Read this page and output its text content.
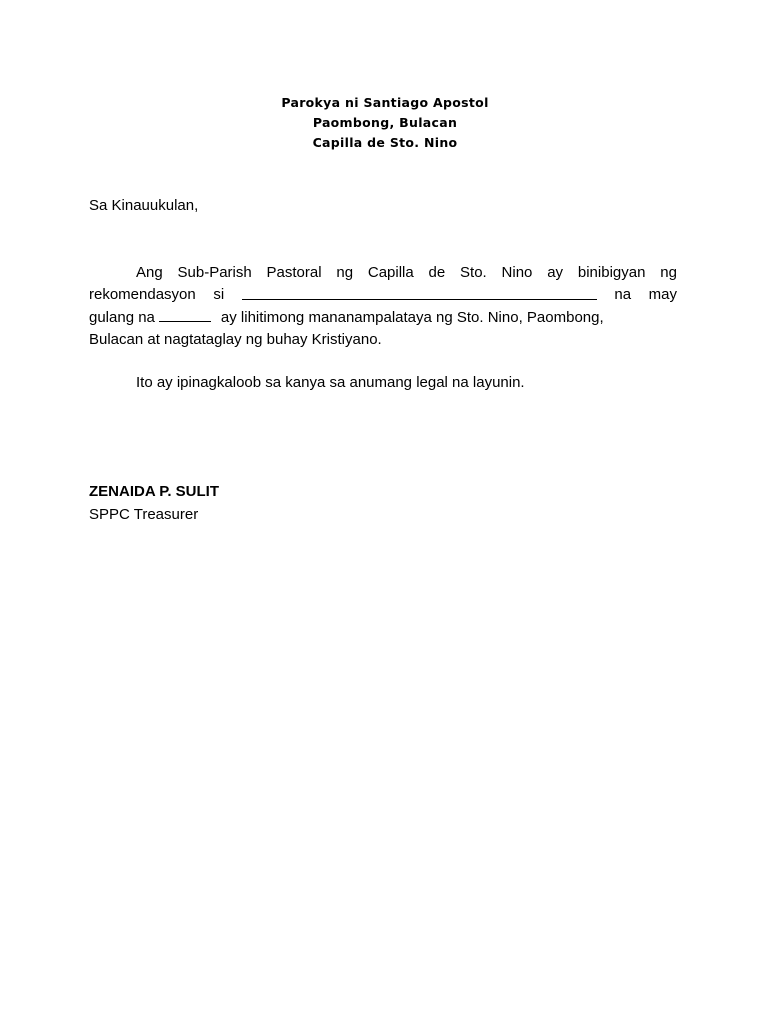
Parokya ni Santiago Apostol
Paombong, Bulacan
Capilla de Sto. Nino
Sa Kinauukulan,
Ang Sub-Parish Pastoral ng Capilla de Sto. Nino ay binibigyan ng
rekomendasyon si	na may
gulang na	ay lihitimong mananampalataya ng Sto. Nino, Paombong,
Bulacan at nagtataglay ng buhay Kristiyano.
Ito ay ipinagkaloob sa kanya sa anumang legal na layunin.
ZENAIDA P. SULIT
SPPC Treasurer
